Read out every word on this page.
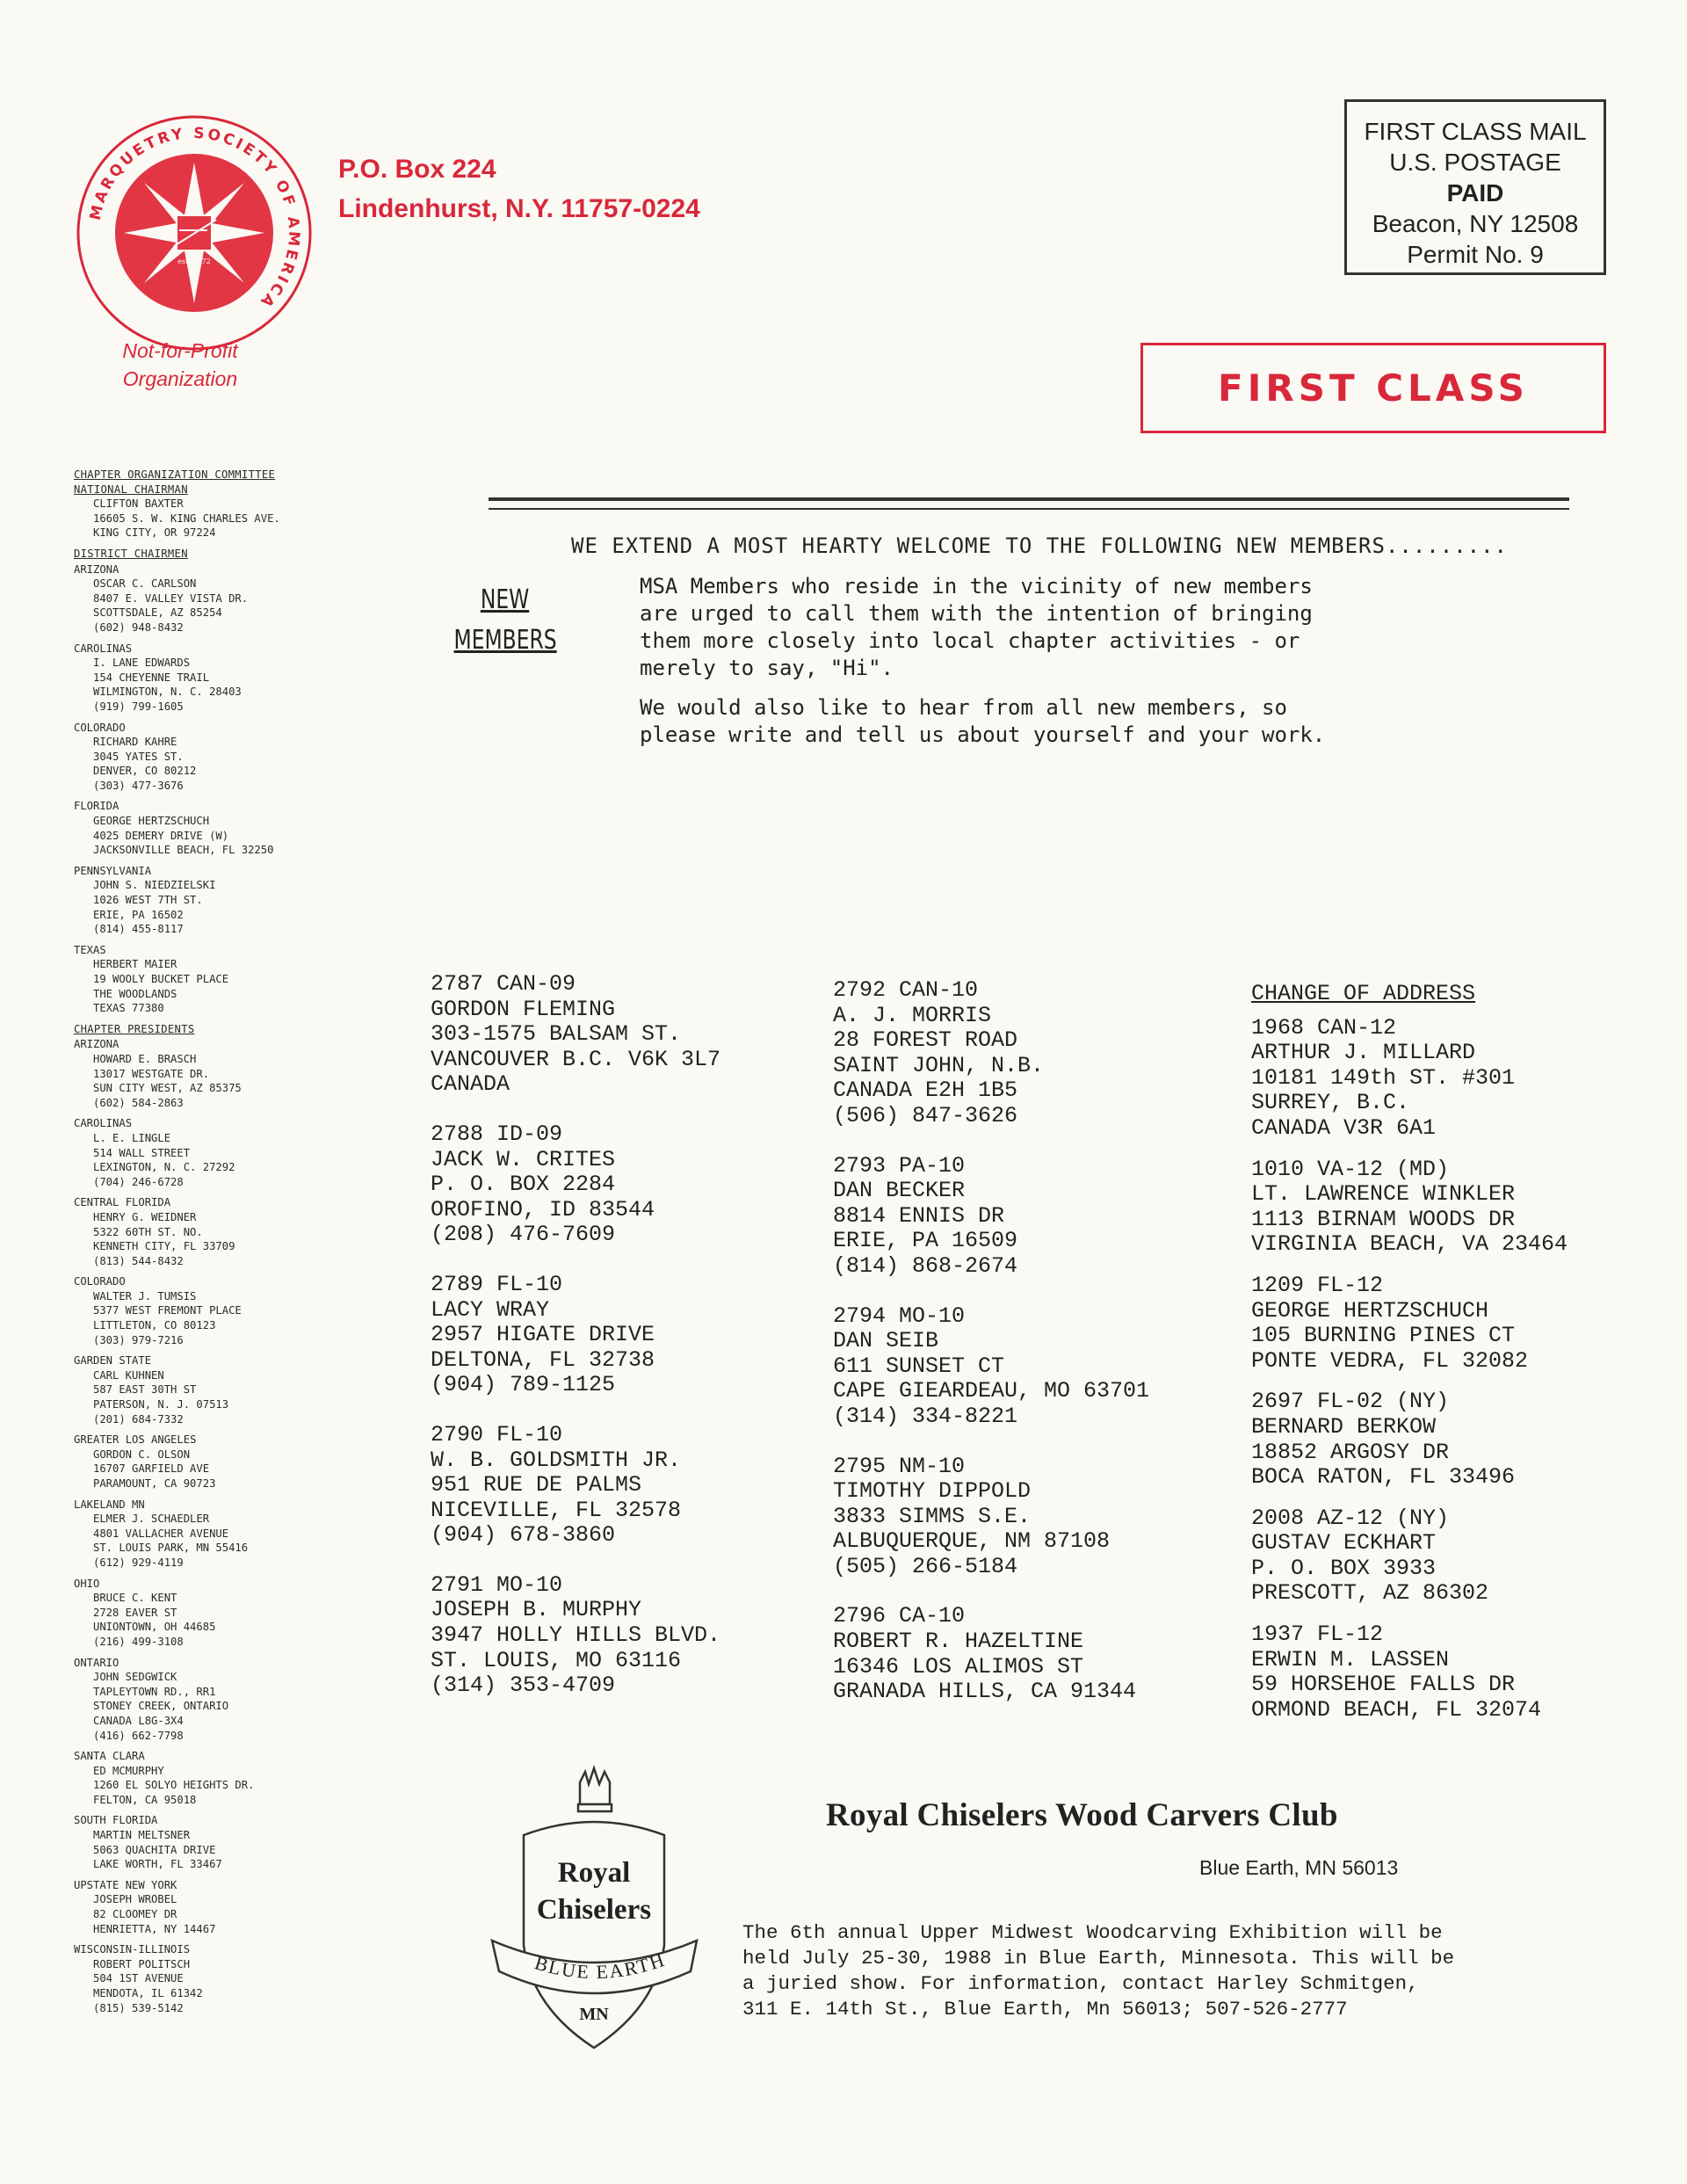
MARQUETRY SOCIETY OF AMERICA
est. 1972
P.O. Box 224
Lindenhurst, N.Y. 11757-0224
Not-for-Profit
Organization
FIRST CLASS MAIL
U.S. POSTAGE
PAID
Beacon, NY 12508
Permit No. 9
FIRST CLASS
CHAPTER ORGANIZATION COMMITTEE
NATIONAL CHAIRMAN
CLIFTON BAXTER
16605 S. W. KING CHARLES AVE.
KING CITY, OR 97224
DISTRICT CHAIRMEN
ARIZONA
OSCAR C. CARLSON
8407 E. VALLEY VISTA DR.
SCOTTSDALE, AZ 85254
(602) 948-8432
CAROLINAS
I. LANE EDWARDS
154 CHEYENNE TRAIL
WILMINGTON, N. C. 28403
(919) 799-1605
COLORADO
RICHARD KAHRE
3045 YATES ST.
DENVER, CO 80212
(303) 477-3676
FLORIDA
GEORGE HERTZSCHUCH
4025 DEMERY DRIVE (W)
JACKSONVILLE BEACH, FL 32250
PENNSYLVANIA
JOHN S. NIEDZIELSKI
1026 WEST 7TH ST.
ERIE, PA 16502
(814) 455-8117
TEXAS
HERBERT MAIER
19 WOOLY BUCKET PLACE
THE WOODLANDS
TEXAS 77380
CHAPTER PRESIDENTS
ARIZONA
HOWARD E. BRASCH
13017 WESTGATE DR.
SUN CITY WEST, AZ 85375
(602) 584-2863
CAROLINAS
L. E. LINGLE
514 WALL STREET
LEXINGTON, N. C. 27292
(704) 246-6728
CENTRAL FLORIDA
HENRY G. WEIDNER
5322 60TH ST. NO.
KENNETH CITY, FL 33709
(813) 544-8432
COLORADO
WALTER J. TUMSIS
5377 WEST FREMONT PLACE
LITTLETON, CO 80123
(303) 979-7216
GARDEN STATE
CARL KUHNEN
587 EAST 30TH ST
PATERSON, N. J. 07513
(201) 684-7332
GREATER LOS ANGELES
GORDON C. OLSON
16707 GARFIELD AVE
PARAMOUNT, CA 90723
LAKELAND MN
ELMER J. SCHAEDLER
4801 VALLACHER AVENUE
ST. LOUIS PARK, MN 55416
(612) 929-4119
OHIO
BRUCE C. KENT
2728 EAVER ST
UNIONTOWN, OH 44685
(216) 499-3108
ONTARIO
JOHN SEDGWICK
TAPLEYTOWN RD., RR1
STONEY CREEK, ONTARIO
CANADA L8G-3X4
(416) 662-7798
SANTA CLARA
ED MCMURPHY
1260 EL SOLYO HEIGHTS DR.
FELTON, CA 95018
SOUTH FLORIDA
MARTIN MELTSNER
5063 QUACHITA DRIVE
LAKE WORTH, FL 33467
UPSTATE NEW YORK
JOSEPH WROBEL
82 CLOOMEY DR
HENRIETTA, NY 14467
WISCONSIN-ILLINOIS
ROBERT POLITSCH
504 1ST AVENUE
MENDOTA, IL 61342
(815) 539-5142
WE EXTEND A MOST HEARTY WELCOME TO THE FOLLOWING NEW MEMBERS.........
NEW
MEMBERS

MSA Members who reside in the vicinity of new members
are urged to call them with the intention of bringing
them more closely into local chapter activities - or
merely to say, "Hi".

We would also like to hear from all new members, so
please write and tell us about yourself and your work.

2787 CAN-09
GORDON FLEMING
303-1575 BALSAM ST.
VANCOUVER B.C. V6K 3L7
CANADA
2788 ID-09
JACK W. CRITES
P. O. BOX 2284
OROFINO, ID 83544
(208) 476-7609
2789 FL-10
LACY WRAY
2957 HIGATE DRIVE
DELTONA, FL 32738
(904) 789-1125
2790 FL-10
W. B. GOLDSMITH JR.
951 RUE DE PALMS
NICEVILLE, FL 32578
(904) 678-3860
2791 MO-10
JOSEPH B. MURPHY
3947 HOLLY HILLS BLVD.
ST. LOUIS, MO 63116
(314) 353-4709
2792 CAN-10
A. J. MORRIS
28 FOREST ROAD
SAINT JOHN, N.B.
CANADA E2H 1B5
(506) 847-3626
2793 PA-10
DAN BECKER
8814 ENNIS DR
ERIE, PA 16509
(814) 868-2674
2794 MO-10
DAN SEIB
611 SUNSET CT
CAPE GIEARDEAU, MO 63701
(314) 334-8221
2795 NM-10
TIMOTHY DIPPOLD
3833 SIMMS S.E.
ALBUQUERQUE, NM 87108
(505) 266-5184
2796 CA-10
ROBERT R. HAZELTINE
16346 LOS ALIMOS ST
GRANADA HILLS, CA 91344
CHANGE OF ADDRESS
1968 CAN-12
ARTHUR J. MILLARD
10181 149th ST. #301
SURREY, B.C.
CANADA V3R 6A1
1010 VA-12 (MD)
LT. LAWRENCE WINKLER
1113 BIRNAM WOODS DR
VIRGINIA BEACH, VA 23464
1209 FL-12
GEORGE HERTZSCHUCH
105 BURNING PINES CT
PONTE VEDRA, FL 32082
2697 FL-02 (NY)
BERNARD BERKOW
18852 ARGOSY DR
BOCA RATON, FL 33496
2008 AZ-12 (NY)
GUSTAV ECKHART
P. O. BOX 3933
PRESCOTT, AZ 86302
1937 FL-12
ERWIN M. LASSEN
59 HORSEHOE FALLS DR
ORMOND BEACH, FL 32074
Royal
Chiselers
BLUE EARTH
MN
Royal Chiselers Wood Carvers Club
Blue Earth, MN 56013
The 6th annual Upper Midwest Woodcarving Exhibition will be
held July 25-30, 1988 in Blue Earth, Minnesota. This will be
a juried show. For information, contact Harley Schmitgen,
311 E. 14th St., Blue Earth, Mn 56013; 507-526-2777
